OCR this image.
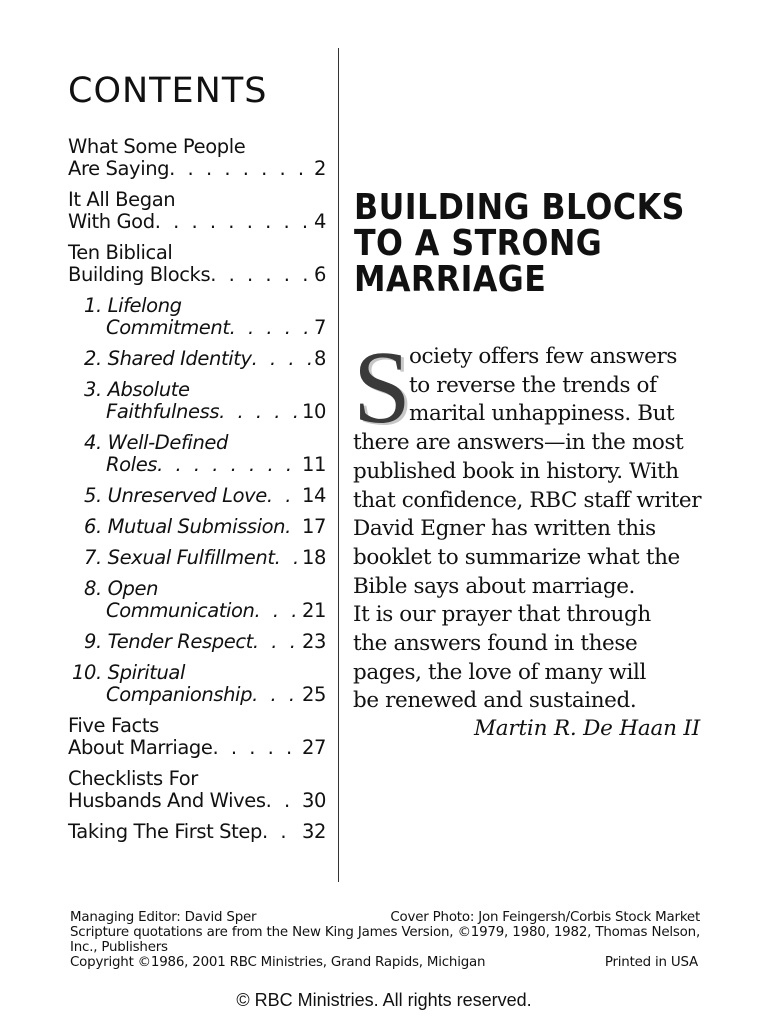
CONTENTS
What Some People
Are Saying . . .	2
It All Began
With God . . .	4
Ten Biblical
Building Blocks . . .	6
1. Lifelong
Commitment . . .	7
2. Shared Identity . . .	8
3. Absolute
Faithfulness . . .	10
4. Well-Defined
Roles . . .	11
5. Unreserved Love . . . 14
6. Mutual Submission . . . 17
7. Sexual Fulfillment . . . 18
8. Open
Communication . . . 21
9. Tender Respect . . .	23
10. Spiritual
Companionship . . .	25
Five Facts
About Marriage . . .	27
Checklists For
Husbands And Wives . . . 30
Taking The First Step . . . 32
BUILDING BLOCKS
TO A STRONG
MARRIAGE
S
ociety offers few answers
to reverse the trends of
marital unhappiness. But
there are answers—in the most
published book in history. With
that confidence, RBC staff writer
David Egner has written this
booklet to summarize what the
Bible says about marriage.
It is our prayer that through
the answers found in these
pages, the love of many will
be renewed and sustained.
Martin R. De Haan II
Managing Editor: David Sper	Cover Photo: Jon Feingersh/Corbis Stock Market
Scripture quotations are from the New King James Version, ©1979, 1980, 1982, Thomas Nelson, Inc., Publishers
Copyright ©1986, 2001 RBC Ministries, Grand Rapids, Michigan	Printed in USA
© RBC Ministries. All rights reserved.
